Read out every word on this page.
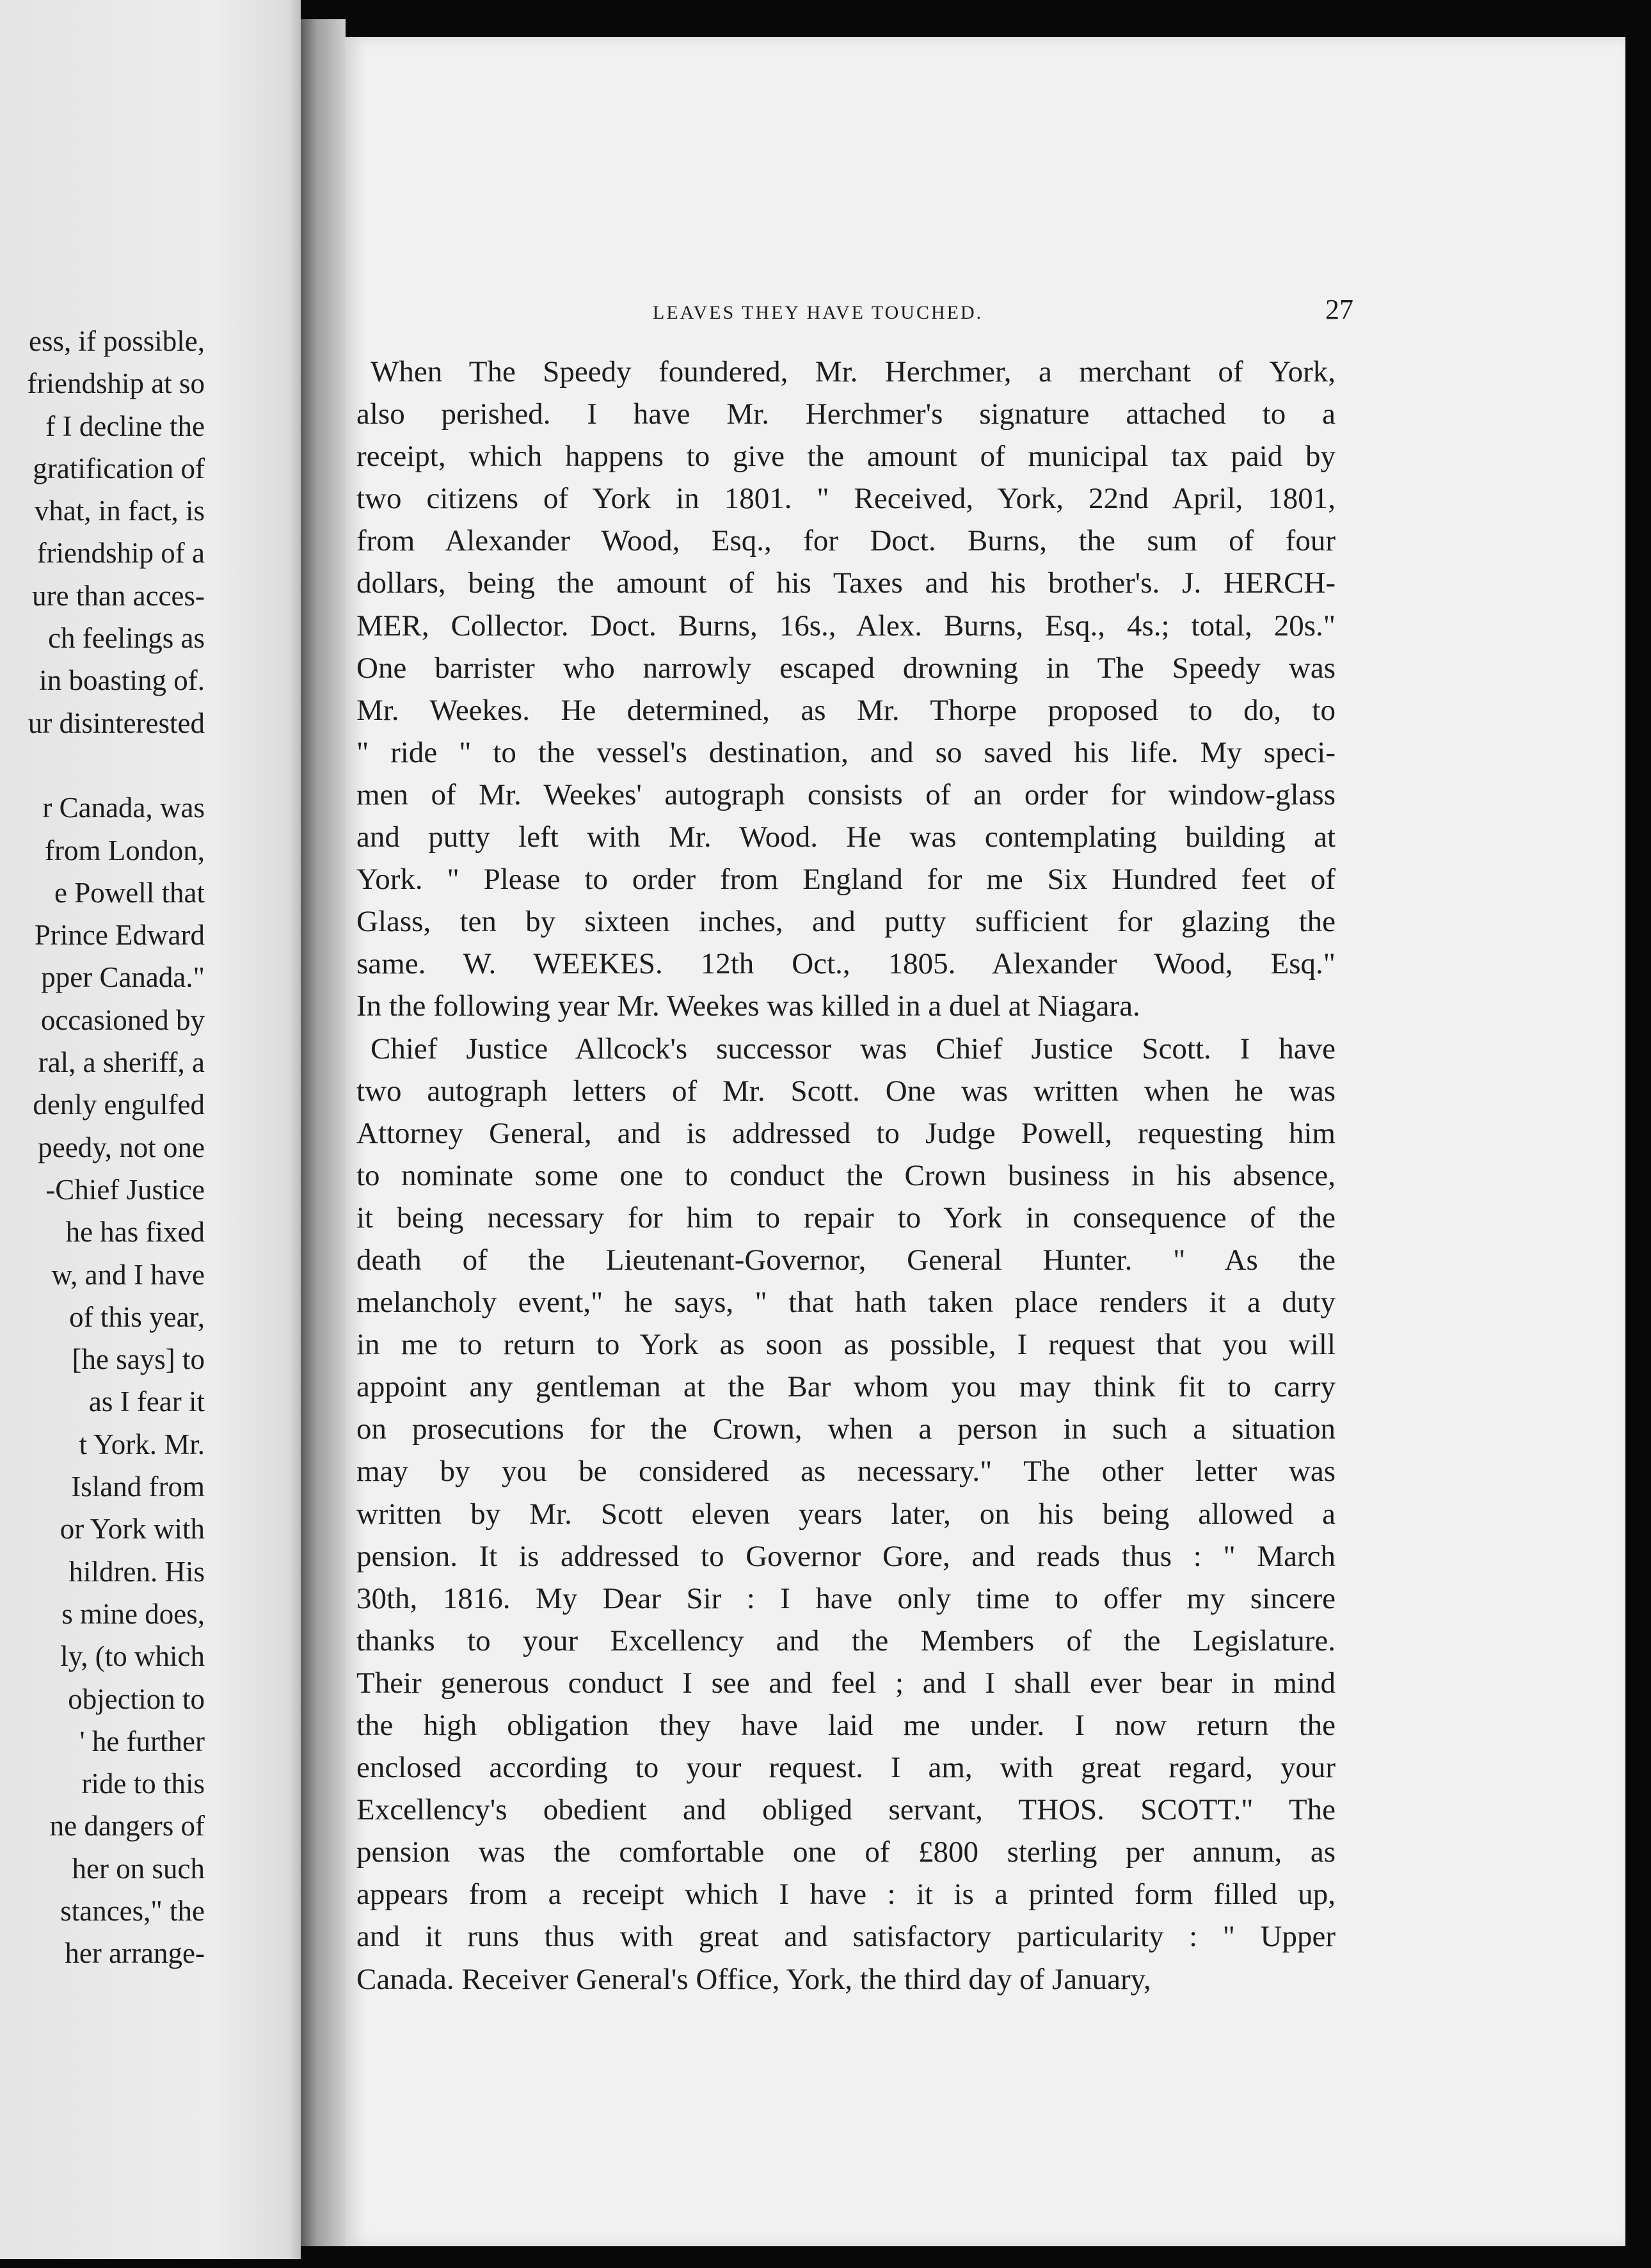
ess, if possible,
friendship at so
f I decline the
gratification of
vhat, in fact, is
friendship of a
ure than acces-
ch feelings as
in boasting of.
ur disinterested
r Canada, was
from London,
e Powell that
Prince Edward
pper Canada."
occasioned by
ral, a sheriff, a
denly engulfed
peedy, not one
-Chief Justice
he has fixed
w, and I have
of this year,
[he says] to
as I fear it
t York. Mr.
Island from
or York with
hildren. His
s mine does,
ly, (to which
objection to
' he further
ride to this
ne dangers of
her on such
stances," the
her arrange-
LEAVES THEY HAVE TOUCHED.	27
When The Speedy foundered, Mr. Herchmer, a merchant of York,
also perished. I have Mr. Herchmer's signature attached to a
receipt, which happens to give the amount of municipal tax paid by
two citizens of York in 1801. " Received, York, 22nd April, 1801,
from Alexander Wood, Esq., for Doct. Burns, the sum of four
dollars, being the amount of his Taxes and his brother's. J. HERCH-
MER, Collector. Doct. Burns, 16s., Alex. Burns, Esq., 4s.; total, 20s."
One barrister who narrowly escaped drowning in The Speedy was
Mr. Weekes. He determined, as Mr. Thorpe proposed to do, to
" ride " to the vessel's destination, and so saved his life. My speci-
men of Mr. Weekes' autograph consists of an order for window-glass
and putty left with Mr. Wood. He was contemplating building at
York. " Please to order from England for me Six Hundred feet of
Glass, ten by sixteen inches, and putty sufficient for glazing the
same. W. WEEKES. 12th Oct., 1805. Alexander Wood, Esq."
In the following year Mr. Weekes was killed in a duel at Niagara.
Chief Justice Allcock's successor was Chief Justice Scott. I have
two autograph letters of Mr. Scott. One was written when he was
Attorney General, and is addressed to Judge Powell, requesting him
to nominate some one to conduct the Crown business in his absence,
it being necessary for him to repair to York in consequence of the
death of the Lieutenant-Governor, General Hunter. " As the
melancholy event," he says, " that hath taken place renders it a duty
in me to return to York as soon as possible, I request that you will
appoint any gentleman at the Bar whom you may think fit to carry
on prosecutions for the Crown, when a person in such a situation
may by you be considered as necessary." The other letter was
written by Mr. Scott eleven years later, on his being allowed a
pension. It is addressed to Governor Gore, and reads thus : " March
30th, 1816. My Dear Sir : I have only time to offer my sincere
thanks to your Excellency and the Members of the Legislature.
Their generous conduct I see and feel ; and I shall ever bear in mind
the high obligation they have laid me under. I now return the
enclosed according to your request. I am, with great regard, your
Excellency's obedient and obliged servant, THOS. SCOTT." The
pension was the comfortable one of £800 sterling per annum, as
appears from a receipt which I have : it is a printed form filled up,
and it runs thus with great and satisfactory particularity : " Upper
Canada. Receiver General's Office, York, the third day of January,
